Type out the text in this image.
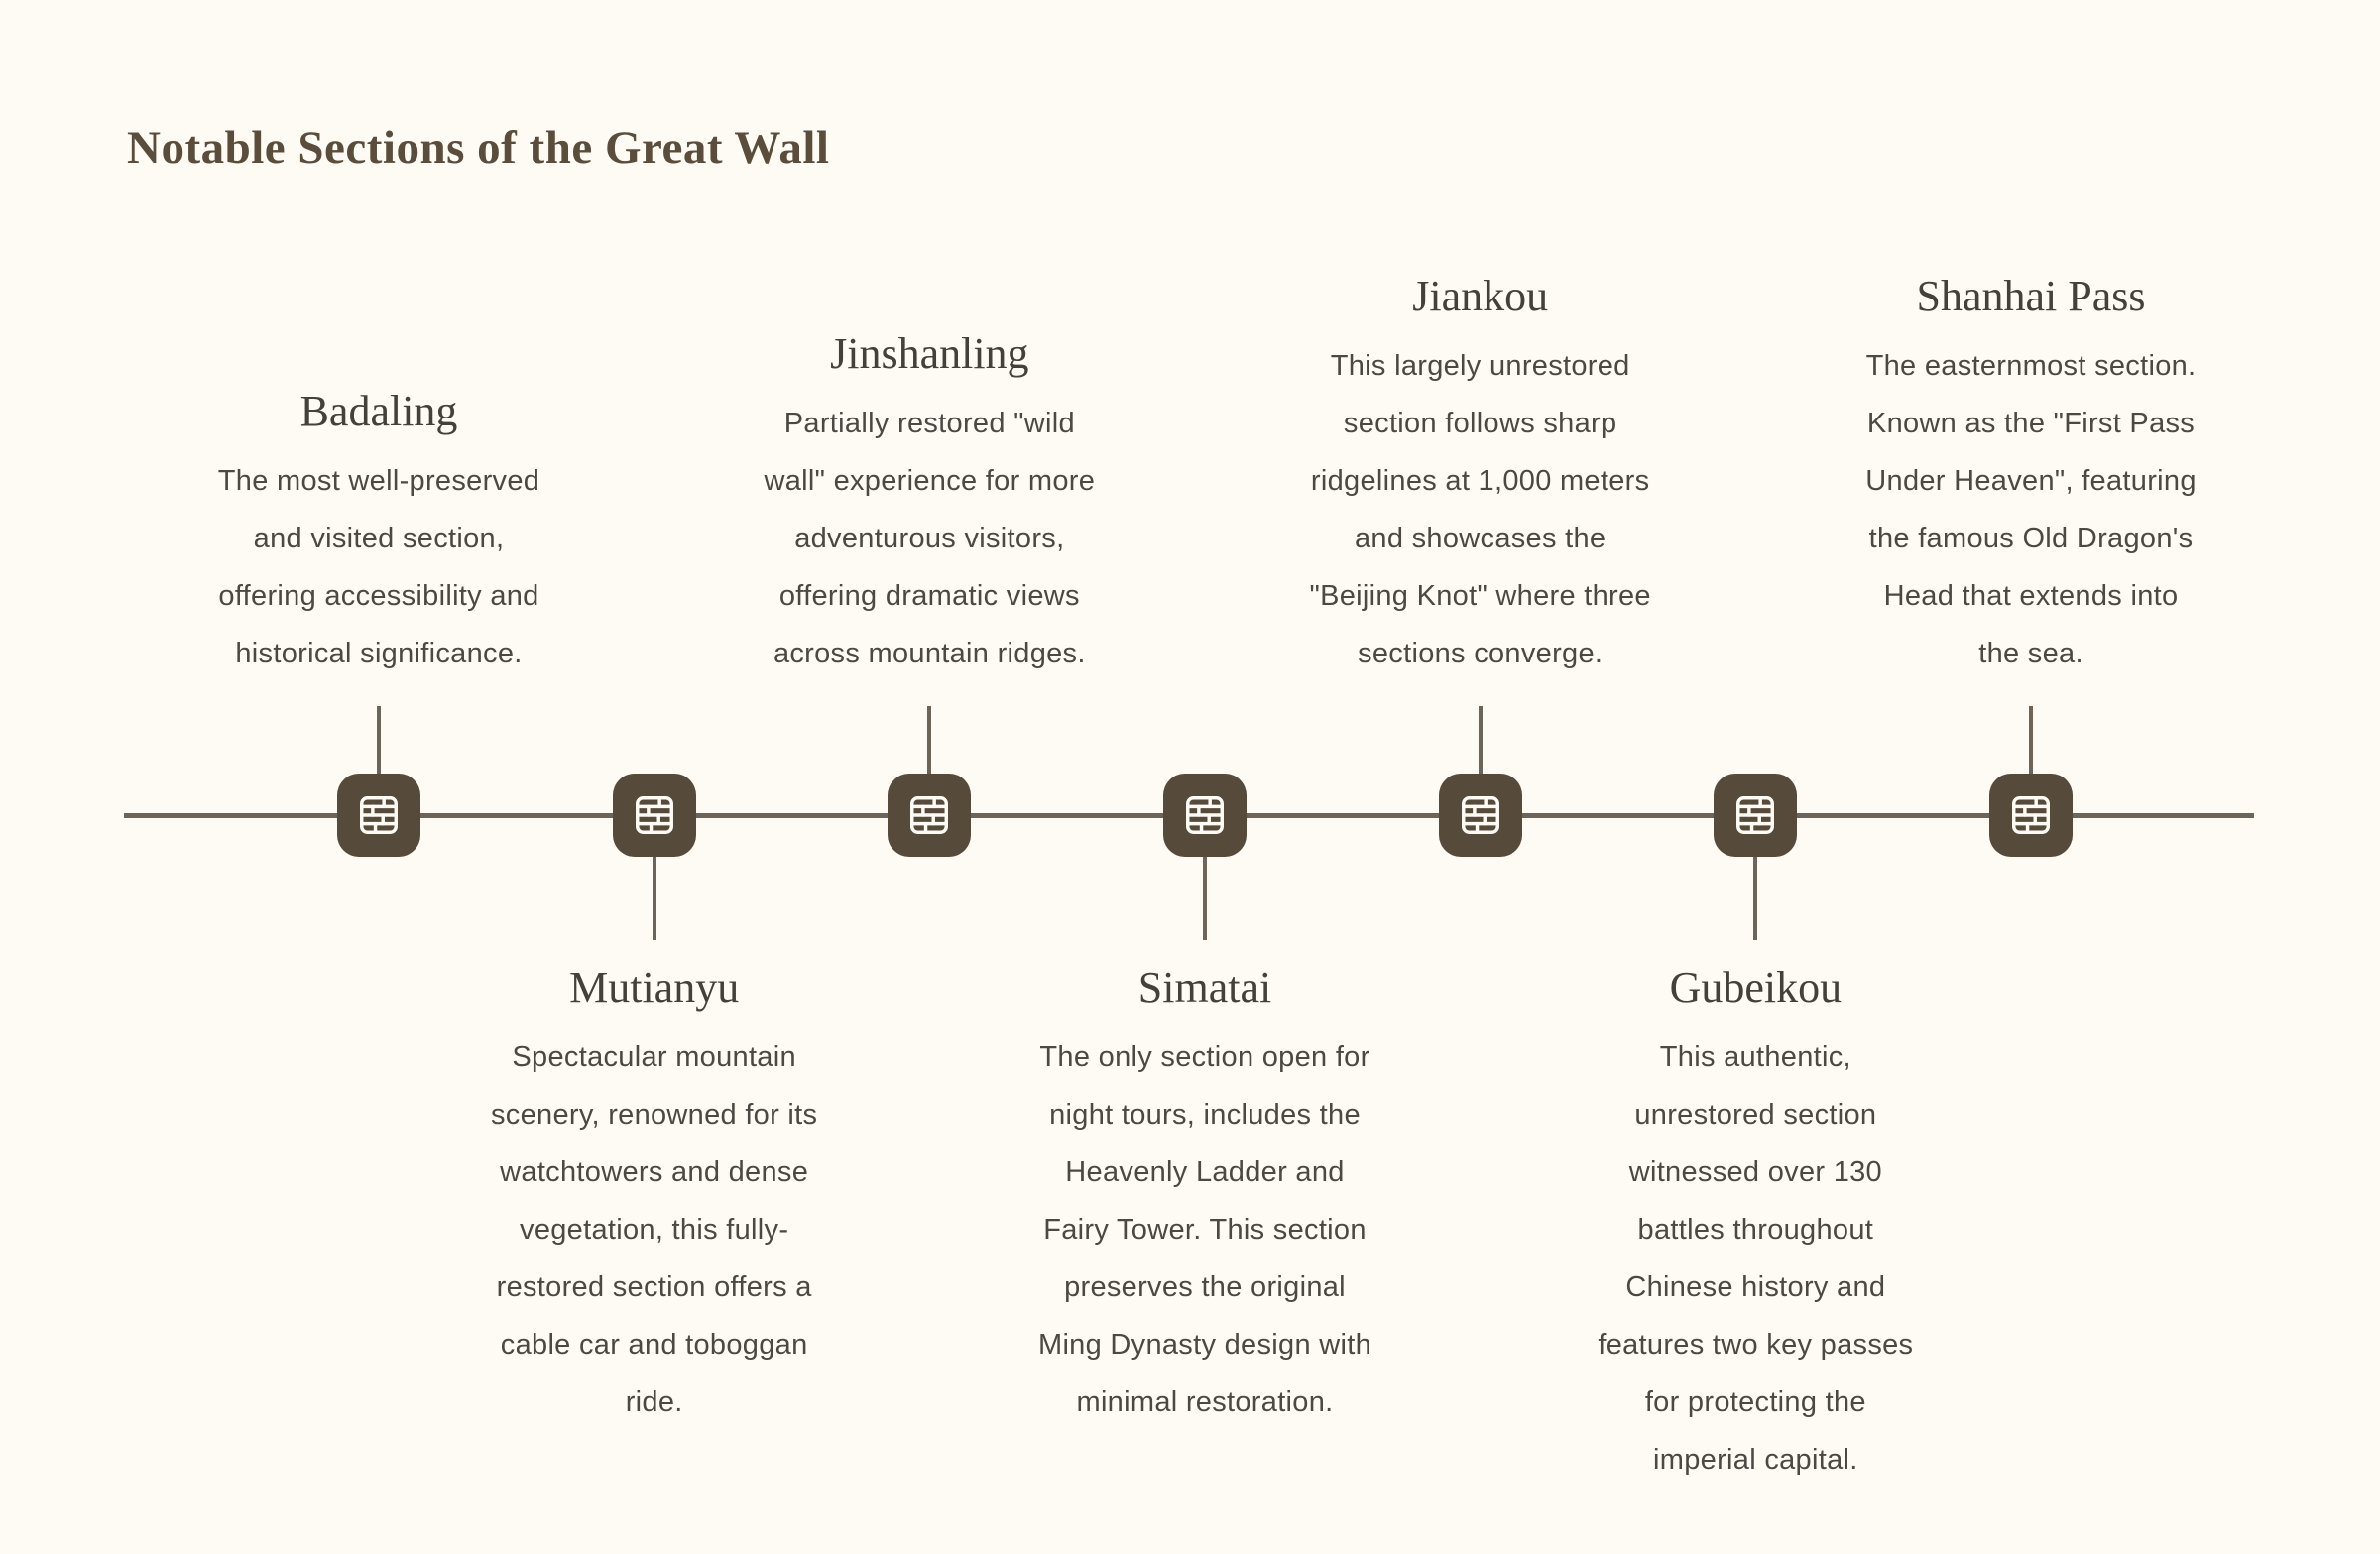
Notable Sections of the Great Wall
Badaling
The most well-preserved
and visited section,
offering accessibility and
historical significance.
Mutianyu
Spectacular mountain
scenery, renowned for its
watchtowers and dense
vegetation, this fully-
restored section offers a
cable car and toboggan
ride.
Jinshanling
Partially restored "wild
wall" experience for more
adventurous visitors,
offering dramatic views
across mountain ridges.
Simatai
The only section open for
night tours, includes the
Heavenly Ladder and
Fairy Tower. This section
preserves the original
Ming Dynasty design with
minimal restoration.
Jiankou
This largely unrestored
section follows sharp
ridgelines at 1,000 meters
and showcases the
"Beijing Knot" where three
sections converge.
Gubeikou
This authentic,
unrestored section
witnessed over 130
battles throughout
Chinese history and
features two key passes
for protecting the
imperial capital.
Shanhai Pass
The easternmost section.
Known as the "First Pass
Under Heaven", featuring
the famous Old Dragon's
Head that extends into
the sea.
